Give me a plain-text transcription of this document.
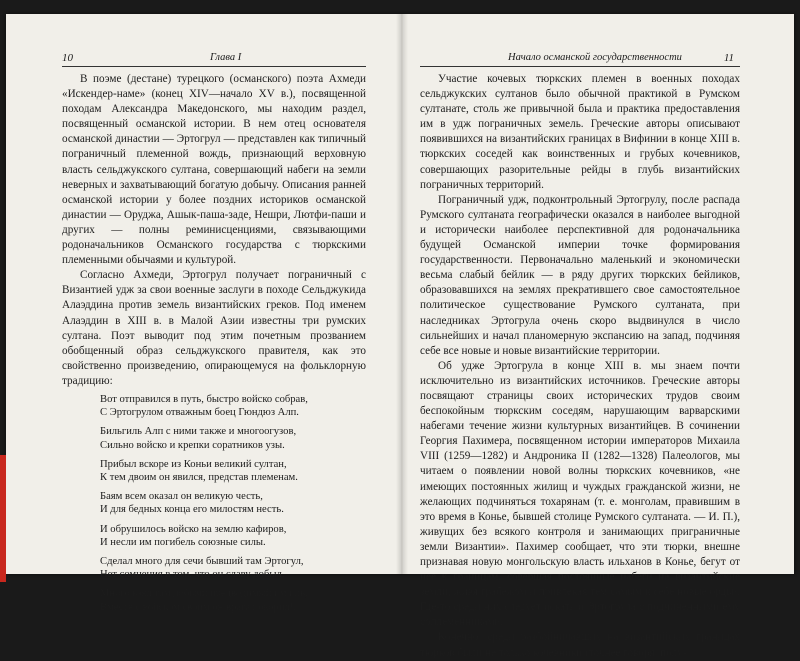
10	Глава I

В поэме (дестане) турецкого (османского) поэта Ахмеди «Искендер-наме» (конец XIV—начало XV в.), посвященной походам Александра Македонского, мы находим раздел, посвященный османской истории. В нем отец основателя османской династии — Эртогрул — представлен как типичный пограничный племенной вождь, признающий верховную власть сельджукского султана, совершающий набеги на земли неверных и захватывающий богатую добычу. Описания ранней османской истории у более поздних историков османской династии — Оруджа, Ашык-паша-заде, Нешри, Лютфи-паши и других — полны реминисценциями, связывающими родоначальников Османского государства с тюркскими племенными обычаями и культурой.

Согласно Ахмеди, Эртогрул получает пограничный с Византией удж за свои военные заслуги в походе Сельджукида Алаэддина против земель византийских греков. Под именем Алаэддин в XIII в. в Малой Азии известны три румских султана. Поэт выводит под этим почетным прозванием обобщенный образ сельджукского правителя, как это свойственно произведению, опирающемуся на фольклорную традицию:

Вот отправился в путь, быстро войско собрав,
С Эртогрулом отважным боец Гюндюз Алп.
Бильгиль Алп с ними также и многоогузов,
Сильно войско и крепки соратников узы.
Прибыл вскоре из Коньи великий султан,
К тем двоим он явился, представ племенам.
Баям всем оказал он великую честь,
И для бедных конца его милостям несть.
И обрушилось войско на землю кафиров,
И несли им погибель союзные силы.
Сделал много для сечи бывший там Эртогул,
Нет сомнения в том, что он славу добыл.
Много взял там добычи предводимый им иль,
Вместе с войском своим он врага покорил¹.
Начало османской государственности	11

Участие кочевых тюркских племен в военных походах сельджукских султанов было обычной практикой в Румском султанате, столь же привычной была и практика предоставления им в удж пограничных земель. Греческие авторы описывают появившихся на византийских границах в Вифинии в конце XIII в. тюркских соседей как воинственных и грубых кочевников, совершающих разорительные рейды в глубь византийских пограничных территорий.

Пограничный удж, подконтрольный Эртогрулу, после распада Румского султаната географически оказался в наиболее выгодной и исторически наиболее перспективной для родоначальника будущей Османской империи точке формирования государственности. Первоначально маленький и экономически весьма слабый бейлик — в ряду других тюркских бейликов, образовавшихся на землях прекратившего свое самостоятельное политическое существование Румского султаната, при наследниках Эртогрула очень скоро выдвинулся в число сильнейших и начал планомерную экспансию на запад, подчиняя себе все новые и новые византийские территории.

Об удже Эртогрула в конце XIII в. мы знаем почти исключительно из византийских источников. Греческие авторы посвящают страницы своих исторических трудов своим беспокойным тюркским соседям, нарушающим варварскими набегами течение жизни культурных византийцев. В сочинении Георгия Пахимера, посвященном истории императоров Михаила VIII (1259—1282) и Андроника II (1282—1328) Палеологов, мы читаем о появлении новой волны тюркских кочевников, «не имеющих постоянных жилищ и чуждых гражданской жизни, не желающих подчиняться тохарянам (т. е. монголам, правившим в это время в Конье, бывшей столице Румского султаната. — И. П.), живущих без всякого контроля и занимающих приграничные земли Византии». Пахимер сообщает, что эти тюрки, внешне признавая новую монгольскую власть ильханов в Конье, бегут от нее к границам, совершая постоянные набеги на византийские земли, живя грабежом и привлекая тем самым к себе новые орды². Где-то среди них следует искать и Эртогрула с подчиненными ему соплеменниками.

Конечно, среди разбойничавших на византийских границах тюрков были не только кочевники (точнее говоря, полу-
